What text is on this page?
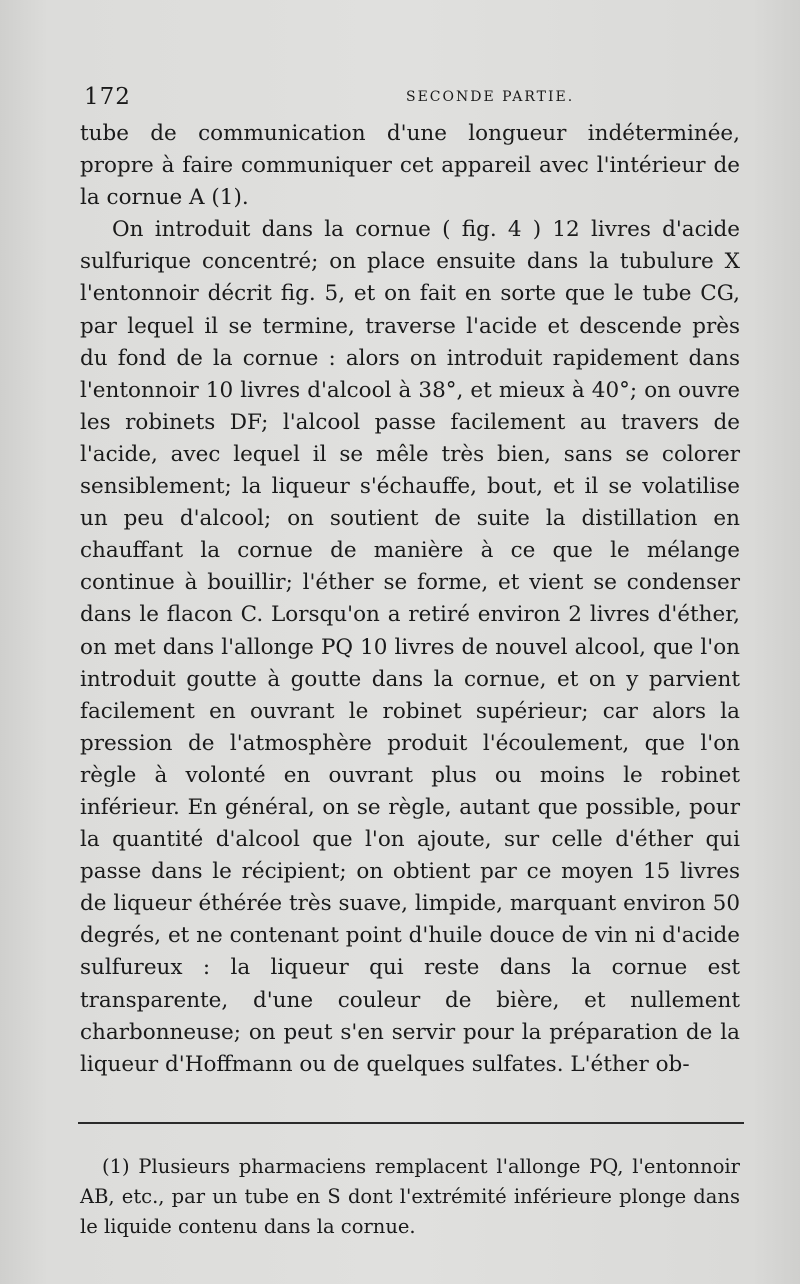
172	SECONDE PARTIE.

tube de communication d'une longueur indéterminée, propre à faire communiquer cet appareil avec l'intérieur de la cornue A (1).

On introduit dans la cornue ( fig. 4 ) 12 livres d'acide sulfurique concentré; on place ensuite dans la tubulure X l'entonnoir décrit fig. 5, et on fait en sorte que le tube CG, par lequel il se termine, traverse l'acide et descende près du fond de la cornue : alors on introduit rapidement dans l'entonnoir 10 livres d'alcool à 38°, et mieux à 40°; on ouvre les robinets DF; l'alcool passe facilement au travers de l'acide, avec lequel il se mêle très bien, sans se colorer sensiblement; la liqueur s'échauffe, bout, et il se volatilise un peu d'alcool; on soutient de suite la distillation en chauffant la cornue de manière à ce que le mélange continue à bouillir; l'éther se forme, et vient se condenser dans le flacon C. Lorsqu'on a retiré environ 2 livres d'éther, on met dans l'allonge PQ 10 livres de nouvel alcool, que l'on introduit goutte à goutte dans la cornue, et on y parvient facilement en ouvrant le robinet supérieur; car alors la pression de l'atmosphère produit l'écoulement, que l'on règle à volonté en ouvrant plus ou moins le robinet inférieur. En général, on se règle, autant que possible, pour la quantité d'alcool que l'on ajoute, sur celle d'éther qui passe dans le récipient; on obtient par ce moyen 15 livres de liqueur éthérée très suave, limpide, marquant environ 50 degrés, et ne contenant point d'huile douce de vin ni d'acide sulfureux : la liqueur qui reste dans la cornue est transparente, d'une couleur de bière, et nullement charbonneuse; on peut s'en servir pour la préparation de la liqueur d'Hoffmann ou de quelques sulfates. L'éther ob-

(1) Plusieurs pharmaciens remplacent l'allonge PQ, l'entonnoir AB, etc., par un tube en S dont l'extrémité inférieure plonge dans le liquide contenu dans la cornue.
